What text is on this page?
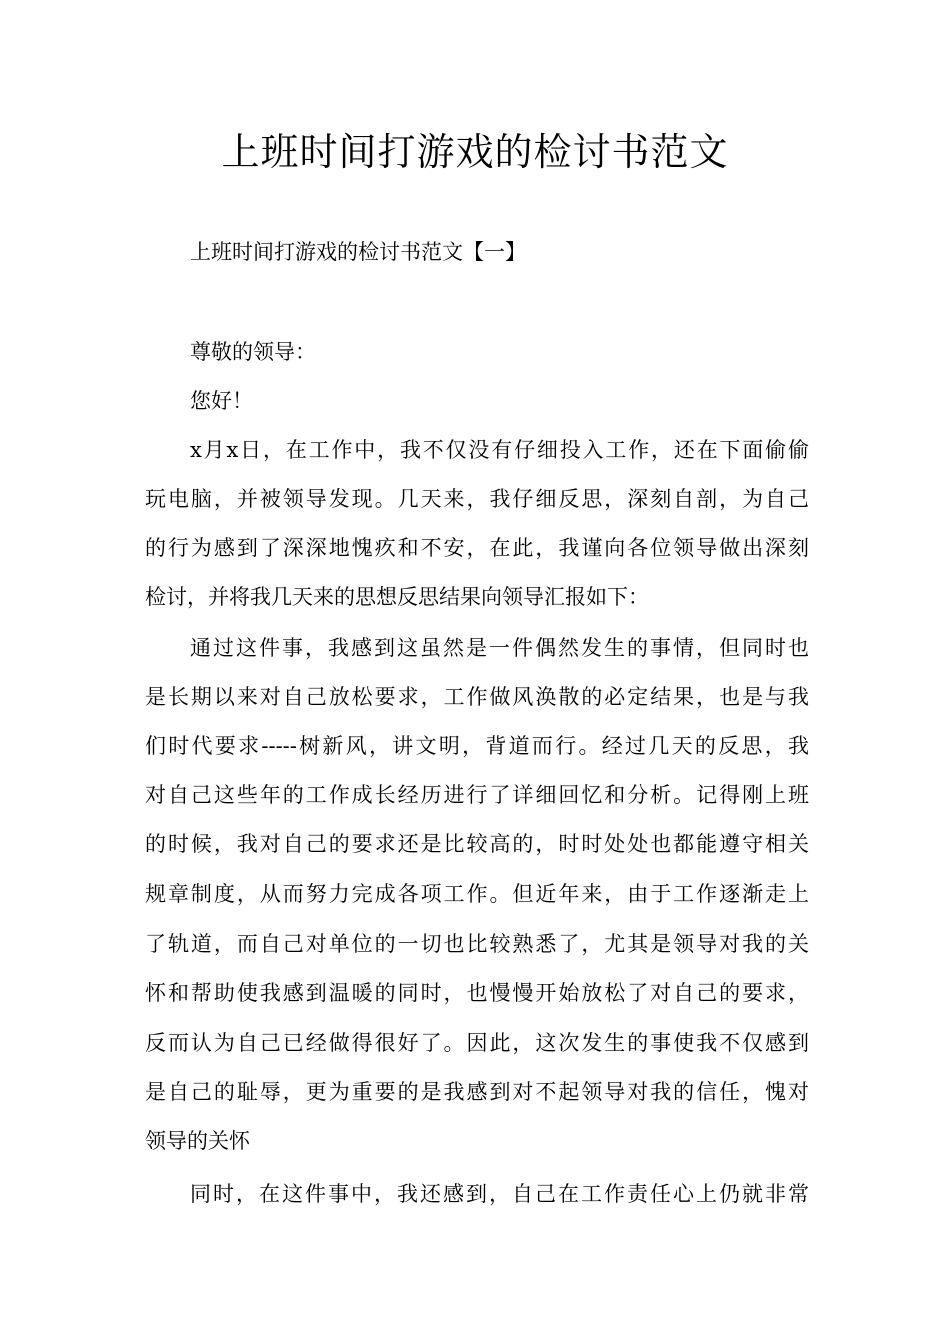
上班时间打游戏的检讨书范文
上班时间打游戏的检讨书范文【一】

尊敬的领导：

您好！

x月x日，在工作中，我不仅没有仔细投入工作，还在下面偷偷

玩电脑，并被领导发现。几天来，我仔细反思，深刻自剖，为自己

的行为感到了深深地愧疚和不安，在此，我谨向各位领导做出深刻

检讨，并将我几天来的思想反思结果向领导汇报如下：

通过这件事，我感到这虽然是一件偶然发生的事情，但同时也

是长期以来对自己放松要求，工作做风涣散的必定结果，也是与我

们时代要求-----树新风，讲文明，背道而行。经过几天的反思，我

对自己这些年的工作成长经历进行了详细回忆和分析。记得刚上班

的时候，我对自己的要求还是比较高的，时时处处也都能遵守相关

规章制度，从而努力完成各项工作。但近年来，由于工作逐渐走上

了轨道，而自己对单位的一切也比较熟悉了，尤其是领导对我的关

怀和帮助使我感到温暖的同时，也慢慢开始放松了对自己的要求，

反而认为自己已经做得很好了。因此，这次发生的事使我不仅感到

是自己的耻辱，更为重要的是我感到对不起领导对我的信任，愧对

领导的关怀

同时，在这件事中，我还感到，自己在工作责任心上仍就非常
